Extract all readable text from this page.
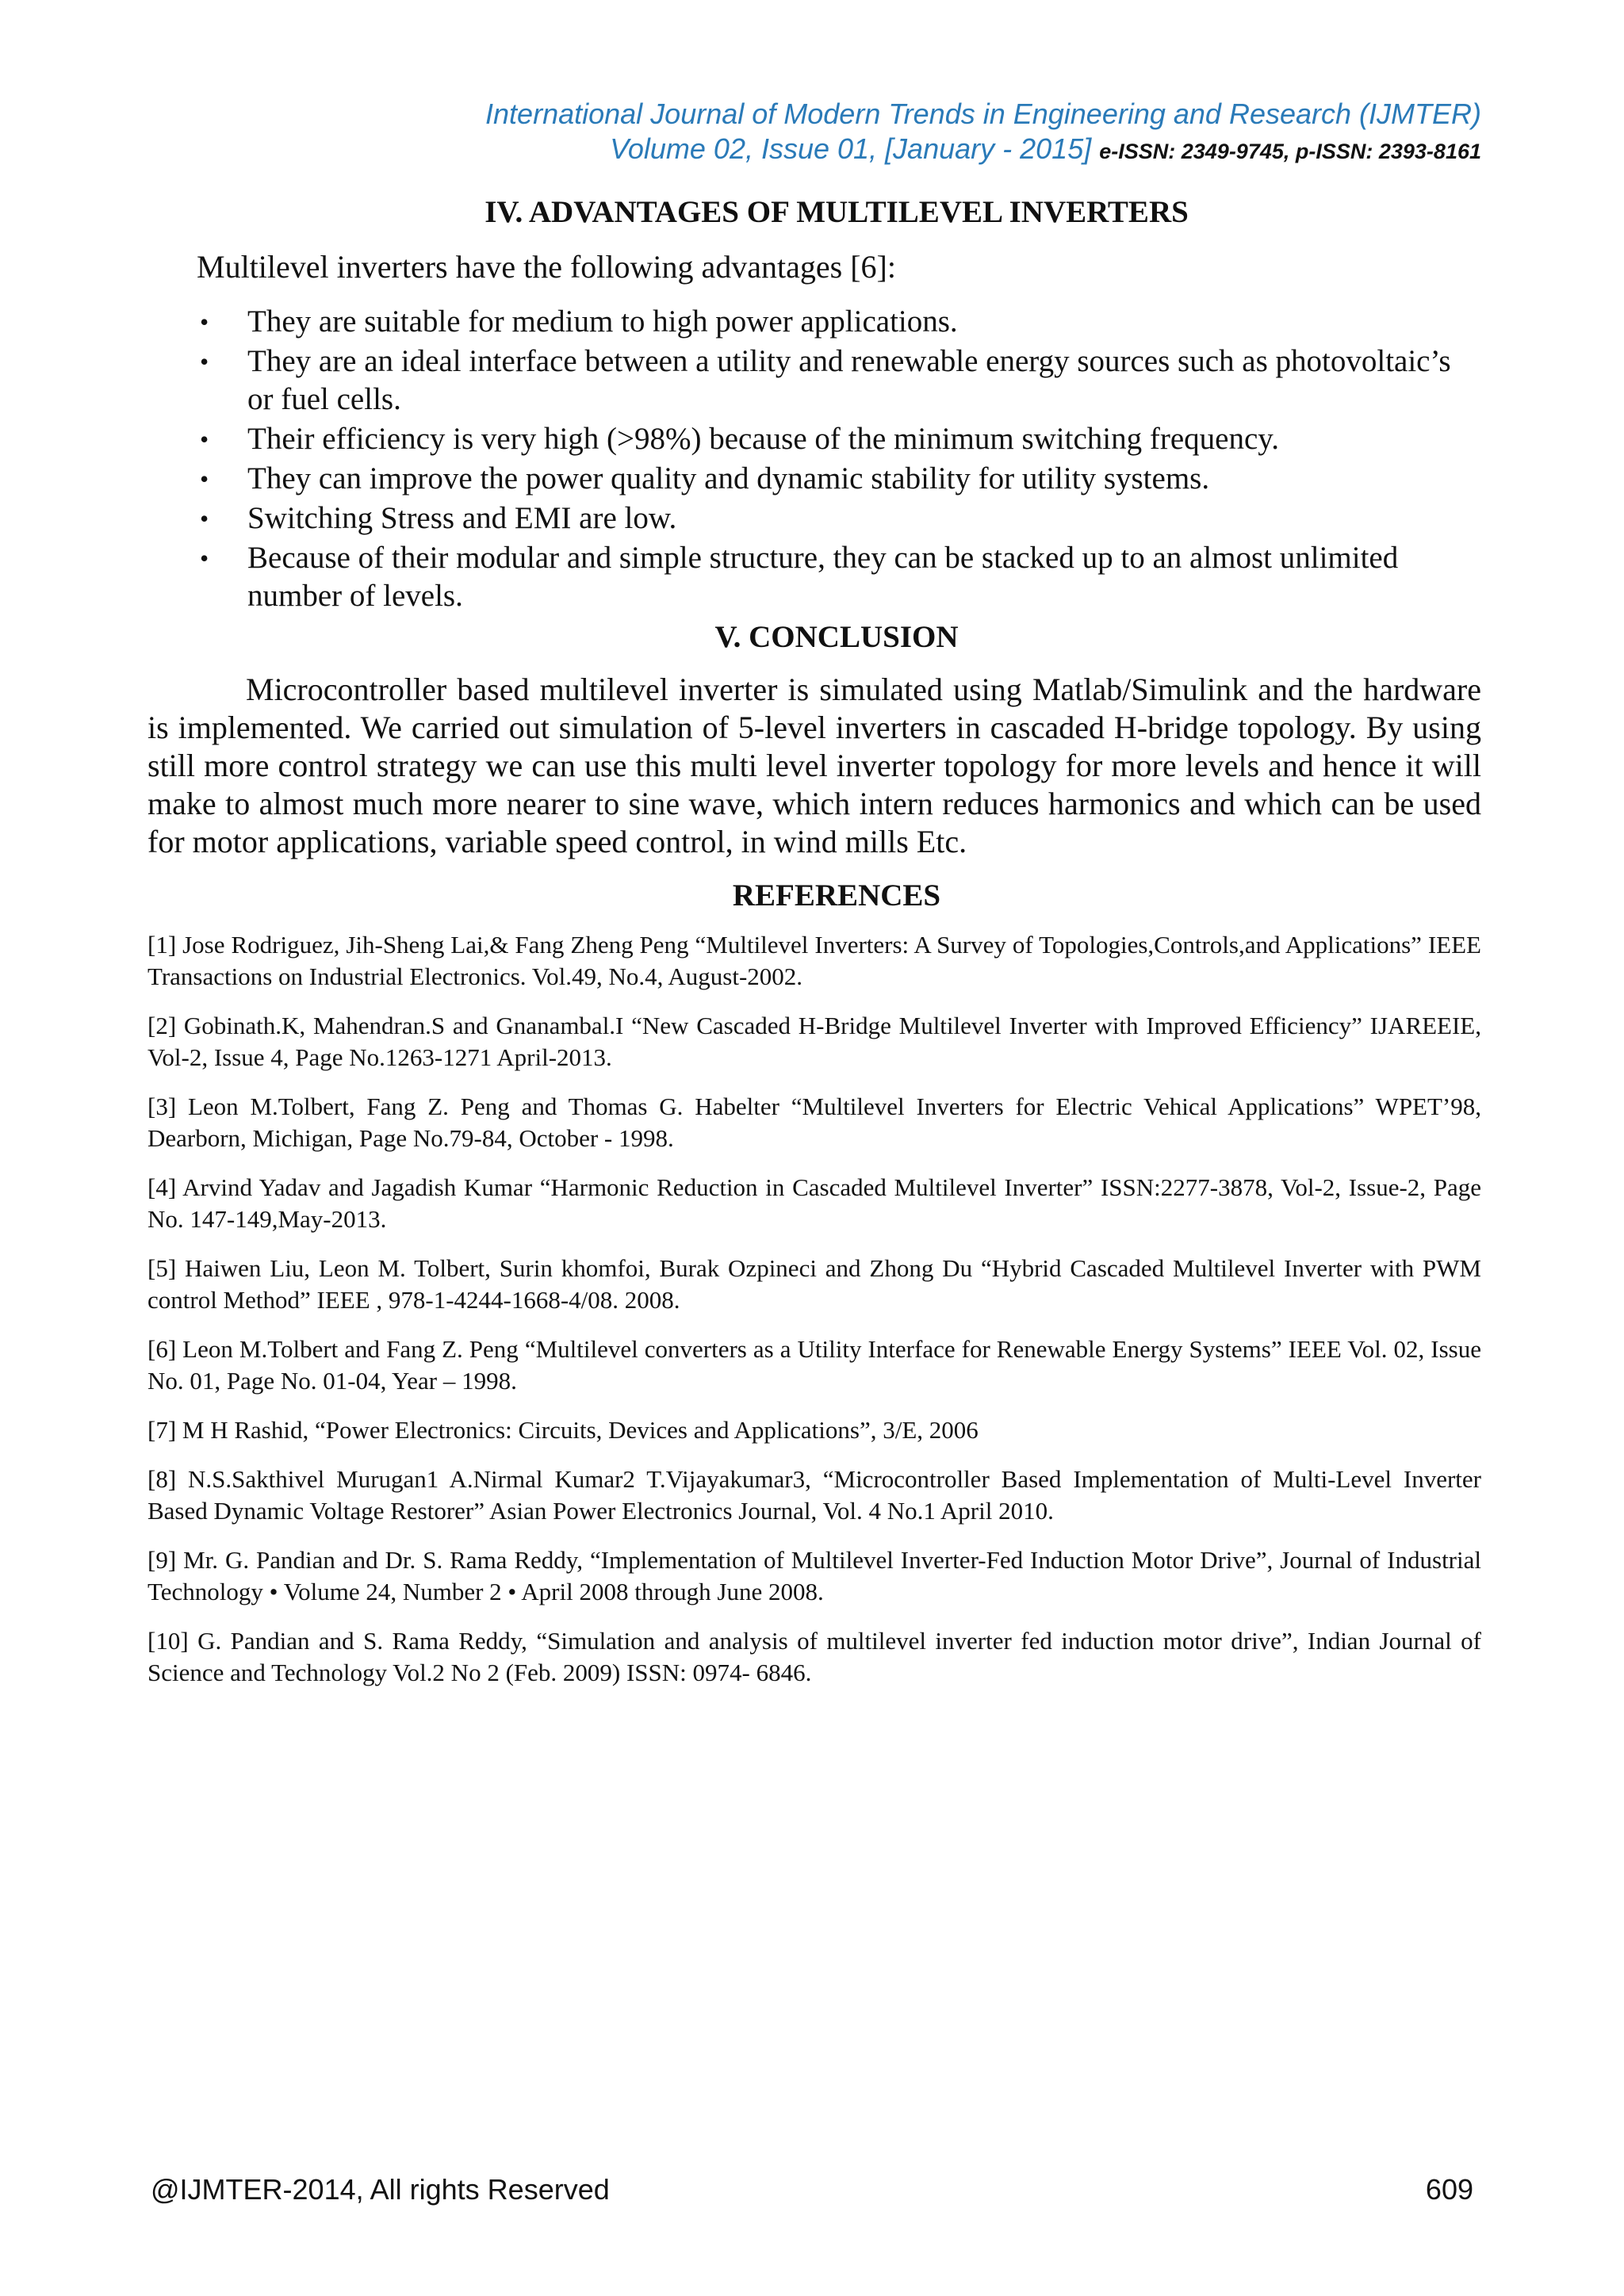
International Journal of Modern Trends in Engineering and Research (IJMTER)
Volume 02, Issue 01, [January - 2015] e-ISSN: 2349-9745, p-ISSN: 2393-8161
IV. ADVANTAGES OF MULTILEVEL INVERTERS

Multilevel inverters have the following advantages [6]:

• They are suitable for medium to high power applications.
• They are an ideal interface between a utility and renewable energy sources such as photovoltaic’s or fuel cells.
• Their efficiency is very high (>98%) because of the minimum switching frequency.
• They can improve the power quality and dynamic stability for utility systems.
• Switching Stress and EMI are low.
• Because of their modular and simple structure, they can be stacked up to an almost unlimited number of levels.
V. CONCLUSION

Microcontroller based multilevel inverter is simulated using Matlab/Simulink and the hardware is implemented. We carried out simulation of 5-level inverters in cascaded H-bridge topology. By using still more control strategy we can use this multi level inverter topology for more levels and hence it will make to almost much more nearer to sine wave, which intern reduces harmonics and which can be used for motor applications, variable speed control, in wind mills Etc.

REFERENCES
[1] Jose Rodriguez, Jih-Sheng Lai,& Fang Zheng Peng “Multilevel Inverters: A Survey of Topologies,Controls,and Applications” IEEE Transactions on Industrial Electronics. Vol.49, No.4, August-2002.
[2] Gobinath.K, Mahendran.S and Gnanambal.I “New Cascaded H-Bridge Multilevel Inverter with Improved Efficiency” IJAREEIE, Vol-2, Issue 4, Page No.1263-1271 April-2013.
[3] Leon M.Tolbert, Fang Z. Peng and Thomas G. Habelter “Multilevel Inverters for Electric Vehical Applications” WPET’98, Dearborn, Michigan, Page No.79-84, October - 1998.
[4] Arvind Yadav and Jagadish Kumar “Harmonic Reduction in Cascaded Multilevel Inverter” ISSN:2277-3878, Vol-2, Issue-2, Page No. 147-149,May-2013.
[5] Haiwen Liu, Leon M. Tolbert, Surin khomfoi, Burak Ozpineci and Zhong Du “Hybrid Cascaded Multilevel Inverter with PWM control Method” IEEE , 978-1-4244-1668-4/08. 2008.
[6] Leon M.Tolbert and Fang Z. Peng “Multilevel converters as a Utility Interface for Renewable Energy Systems” IEEE Vol. 02, Issue No. 01, Page No. 01-04, Year – 1998.
[7] M H Rashid, “Power Electronics: Circuits, Devices and Applications”, 3/E, 2006
[8] N.S.Sakthivel Murugan1 A.Nirmal Kumar2 T.Vijayakumar3, “Microcontroller Based Implementation of Multi-Level Inverter Based Dynamic Voltage Restorer” Asian Power Electronics Journal, Vol. 4 No.1 April 2010.
[9] Mr. G. Pandian and Dr. S. Rama Reddy, “Implementation of Multilevel Inverter-Fed Induction Motor Drive”, Journal of Industrial Technology • Volume 24, Number 2 • April 2008 through June 2008.
[10] G. Pandian and S. Rama Reddy, “Simulation and analysis of multilevel inverter fed induction motor drive”, Indian Journal of Science and Technology Vol.2 No 2 (Feb. 2009) ISSN: 0974- 6846.
@IJMTER-2014, All rights Reserved	609
